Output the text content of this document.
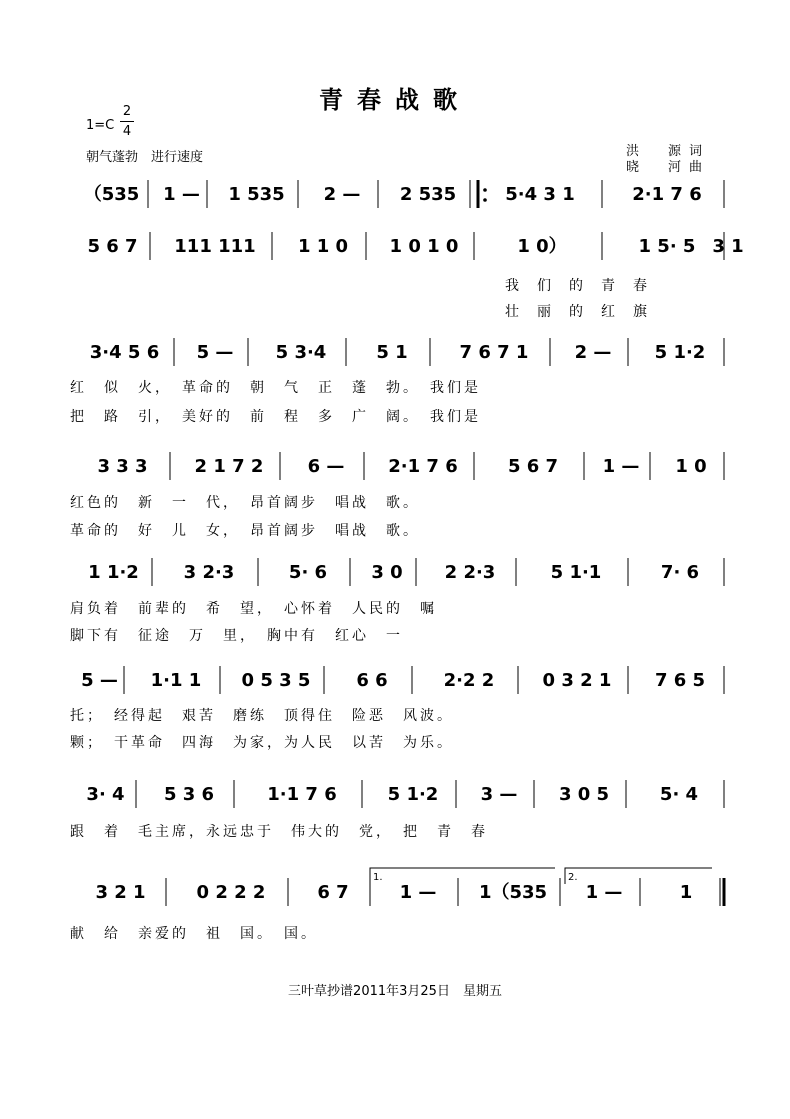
青春战歌
1=C
2
4
朝气蓬勃　进行速度	洪　源词
晓　河曲
三叶草抄谱2011年3月25日　星期五
（535 1 — 1 535 2 — 2 535	5·4 3 1	2·1 7 6
5 6 7 111 111 1 1 0 1 0 1 0	1 0）	1 5· 5 3 1
我们的青春
壮丽的红旗
3·4 5 6 5 — 5 3·4	5 1	7 6 7 1	2 — 5 1·2
红　似　火，　革命的　朝　气　正　蓬　勃。　我们是
把　路　引，　美好的　前　程　多　广　阔。　我们是
3 3 3	2 1 7 2 6 — 2·1 7 6	5 6 7 1 — 1 0
红色的　新　一　代，　昂首阔步　唱战　歌。
革命的　好　儿　女，　昂首阔步　唱战　歌。
1 1·2 3 2·3	5· 6 3 0 2 2·3	5 1·1	7· 6
肩负着　前辈的　希　望，　心怀着　人民的　嘱
脚下有　征途　万　里，　胸中有　红心　一
5 — 1·1 1 0 5 3 5	6 6	2·2 2	0 3 2 1 7 6 5
托；　经得起　艰苦　磨练　顶得住　险恶　风波。
颗；　干革命　四海　为家，为人民　以苦　为乐。
3· 4 5 3 6	1·1 7 6	5 1·2 3 — 3 0 5	5· 4
跟　着　毛主席，永远忠于　伟大的　党，　把　青　春
3 2 1	0 2 2 2	6 7	1 — 1（535 1 —	1
献　给　亲爱的　祖　国。　国。
1.	2.
